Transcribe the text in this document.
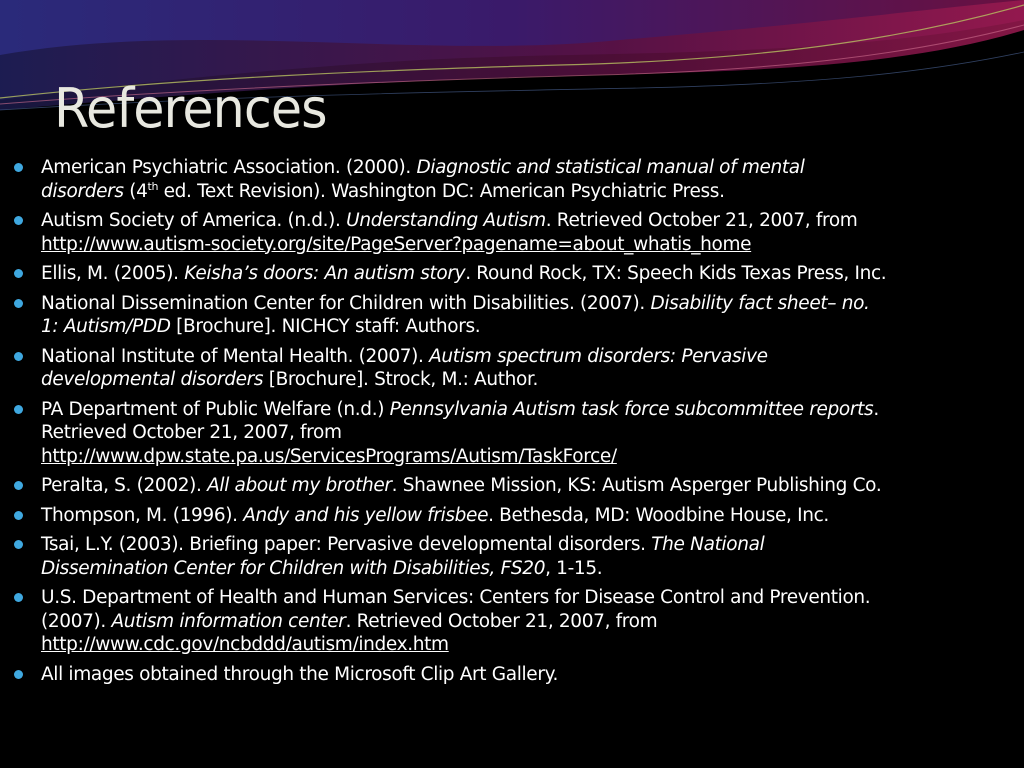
References
American Psychiatric Association. (2000). Diagnostic and statistical manual of mental
disorders (4th ed. Text Revision). Washington DC: American Psychiatric Press.
Autism Society of America. (n.d.). Understanding Autism. Retrieved October 21, 2007, from
http://www.autism-society.org/site/PageServer?pagename=about_whatis_home
Ellis, M. (2005). Keisha’s doors: An autism story. Round Rock, TX: Speech Kids Texas Press, Inc.
National Dissemination Center for Children with Disabilities. (2007). Disability fact sheet– no.
1: Autism/PDD [Brochure]. NICHCY staff: Authors.
National Institute of Mental Health. (2007). Autism spectrum disorders: Pervasive
developmental disorders [Brochure]. Strock, M.: Author.
PA Department of Public Welfare (n.d.) Pennsylvania Autism task force subcommittee reports.
Retrieved October 21, 2007, from
http://www.dpw.state.pa.us/ServicesPrograms/Autism/TaskForce/
Peralta, S. (2002). All about my brother. Shawnee Mission, KS: Autism Asperger Publishing Co.
Thompson, M. (1996). Andy and his yellow frisbee. Bethesda, MD: Woodbine House, Inc.
Tsai, L.Y. (2003). Briefing paper: Pervasive developmental disorders. The National
Dissemination Center for Children with Disabilities, FS20, 1-15.
U.S. Department of Health and Human Services: Centers for Disease Control and Prevention.
(2007). Autism information center. Retrieved October 21, 2007, from
http://www.cdc.gov/ncbddd/autism/index.htm
All images obtained through the Microsoft Clip Art Gallery.
